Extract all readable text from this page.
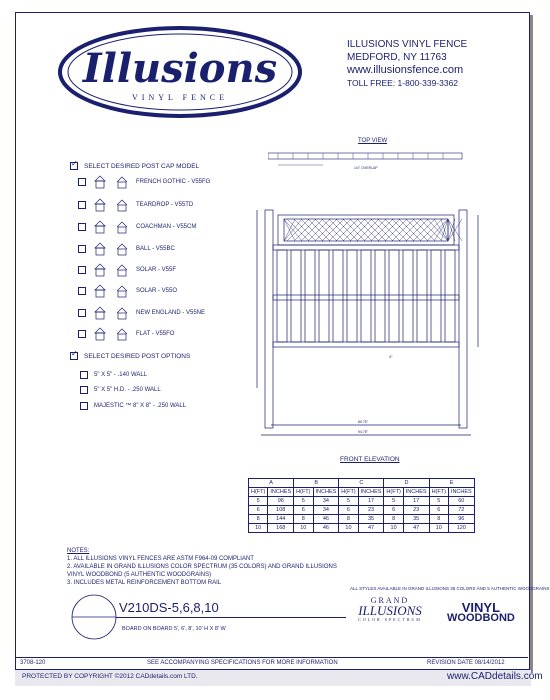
Illusions
VINYL FENCE
ILLUSIONS VINYL FENCE
MEDFORD, NY 11763
www.illusionsfence.com
TOLL FREE: 1-800-339-3362
✓ SELECT DESIRED POST CAP MODEL
FRENCH GOTHIC - V55FG
TEARDROP - V55TD
COACHMAN - V55CM
BALL - V55BC
SOLAR - V55F
SOLAR - V55O
NEW ENGLAND - V55NE
FLAT - V55FO
✓ SELECT DESIRED POST OPTIONS
5" X 5" - .140 WALL
5" X 5" H.D. - .250 WALL
MAJESTIC ™ 8" X 8" - .250 WALL
TOP VIEW
1/4" OVERLAP
89.75"
94.75"
6"
FRONT ELEVATION
A		B		C		D		E	
H(FT)	INCHES	H(FT)	INCHES	H(FT)	INCHES	H(FT)	INCHES	H(FT)	INCHES
5	96	5	34	5	17	5	17	5	60
6	108	6	34	6	23	6	23	6	72
8	144	8	46	8	35	8	35	8	96
10	168	10	46	10	47	10	47	10	120
NOTES:
1. ALL ILLUSIONS VINYL FENCES ARE ASTM F964-09 COMPLIANT
2. AVAILABLE IN GRAND ILLUSIONS COLOR SPECTRUM (35 COLORS) AND GRAND ILLUSIONS
VINYL WOODBOND (5 AUTHENTIC WOODGRAINS)
3. INCLUDES METAL REINFORCEMENT BOTTOM RAIL
V210DS-5,6,8,10
BOARD ON BOARD 5', 6', 8', 10' H X 8' W
ALL STYLES AVAILABLE IN GRAND ILLUSIONS 35 COLORS AND 5 AUTHENTIC WOODGRAINS
GRAND
ILLUSIONS
COLOR SPECTRUM
VINYL
WOODBOND
3708-120	SEE ACCOMPANYING SPECIFICATIONS FOR MORE INFORMATION	REVISION DATE 08/14/2012
PROTECTED BY COPYRIGHT ©2012 CADdetails.com LTD.	www.CADdetails.com
